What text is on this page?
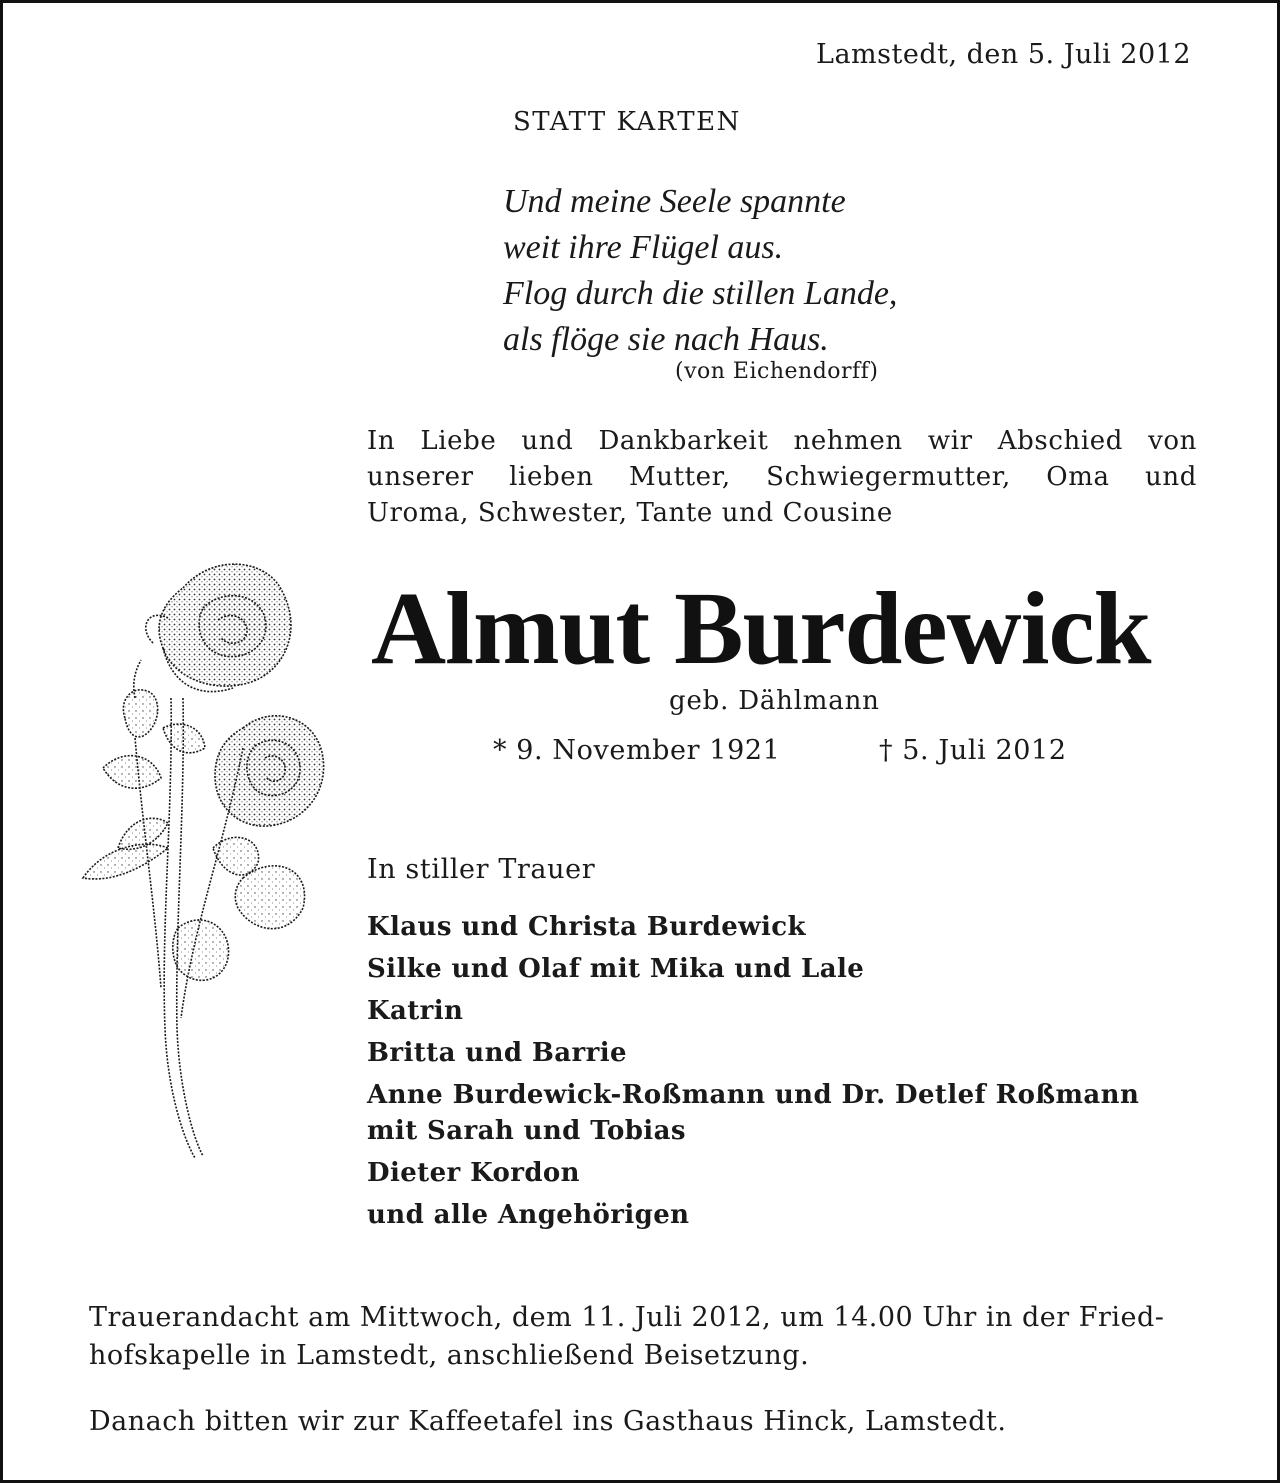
Lamstedt, den 5. Juli 2012
STATT KARTEN
Und meine Seele spannte
weit ihre Flügel aus.
Flog durch die stillen Lande,
als flöge sie nach Haus.
(von Eichendorff)
In Liebe und Dankbarkeit nehmen wir Abschied von
unserer lieben Mutter, Schwiegermutter, Oma und
Uroma, Schwester, Tante und Cousine
Almut Burdewick
geb. Dählmann
* 9. November 1921	† 5. Juli 2012
In stiller Trauer
Klaus und Christa Burdewick
Silke und Olaf mit Mika und Lale
Katrin
Britta und Barrie
Anne Burdewick-Roßmann und Dr. Detlef Roßmann
mit Sarah und Tobias
Dieter Kordon
und alle Angehörigen
Trauerandacht am Mittwoch, dem 11. Juli 2012, um 14.00 Uhr in der Fried-
hofskapelle in Lamstedt, anschließend Beisetzung.
Danach bitten wir zur Kaffeetafel ins Gasthaus Hinck, Lamstedt.
